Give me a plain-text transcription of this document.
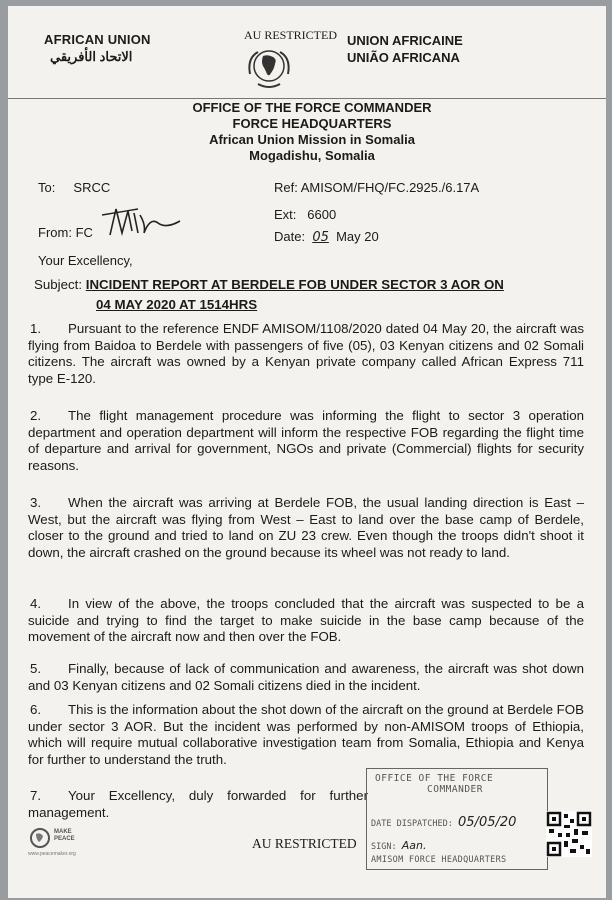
AFRICAN UNION
الاتحاد الأفريقي
AU RESTRICTED UNION AFRICAINE
UNIÃO AFRICANA
OFFICE OF THE FORCE COMMANDER
FORCE HEADQUARTERS
African Union Mission in Somalia
Mogadishu, Somalia
To: SRCC	Ref: AMISOM/FHQ/FC.2925./6.17A
Ext: 6600
From: FC	Date: 05 May 20
Your Excellency,
Subject: INCIDENT REPORT AT BERDELE FOB UNDER SECTOR 3 AOR ON
04 MAY 2020 AT 1514HRS
1. Pursuant to the reference ENDF AMISOM/1108/2020 dated 04 May 20, the aircraft was flying from Baidoa to Berdele with passengers of five (05), 03 Kenyan citizens and 02 Somali citizens. The aircraft was owned by a Kenyan private company called African Express 711 type E-120.
2. The flight management procedure was informing the flight to sector 3 operation department and operation department will inform the respective FOB regarding the flight time of departure and arrival for government, NGOs and private (Commercial) flights for security reasons.
3. When the aircraft was arriving at Berdele FOB, the usual landing direction is East – West, but the aircraft was flying from West – East to land over the base camp of Berdele, closer to the ground and tried to land on ZU 23 crew. Even though the troops didn't shoot it down, the aircraft crashed on the ground because its wheel was not ready to land.
4. In view of the above, the troops concluded that the aircraft was suspected to be a suicide and trying to find the target to make suicide in the base camp because of the movement of the aircraft now and then over the FOB.
5. Finally, because of lack of communication and awareness, the aircraft was shot down and 03 Kenyan citizens and 02 Somali citizens died in the incident.
6. This is the information about the shot down of the aircraft on the ground at Berdele FOB under sector 3 AOR. But the incident was performed by non-AMISOM troops of Ethiopia, which will require mutual collaborative investigation team from Somalia, Ethiopia and Kenya for further to understand the truth.
7. Your Excellency, duly forwarded for further management.
OFFICE OF THE FORCE
COMMANDER
DATE DISPATCHED: 05/05/20
SIGN: Aan.
AMISOM FORCE HEADQUARTERS
AU RESTRICTED
MAKE PEACE
www.peacemaker.org
